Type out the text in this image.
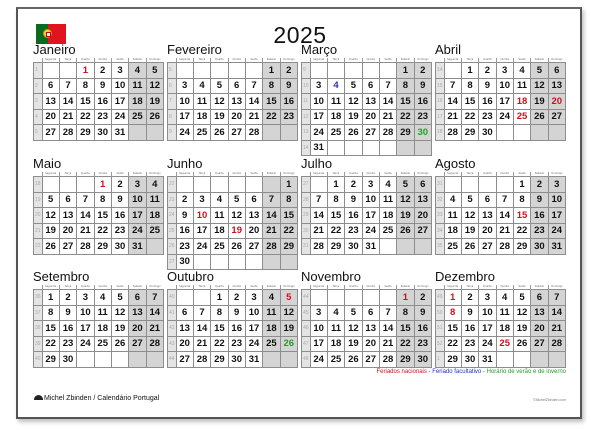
2025
Janeiro
	Segunda	Terça	Quarta	Quinta	Sexta	Sábado	Domingo
1			1	2	3	4	5
2	6	7	8	9	10	11	12
3	13	14	15	16	17	18	19
4	20	21	22	23	24	25	26
5	27	28	29	30	31		
Fevereiro
	Segunda	Terça	Quarta	Quinta	Sexta	Sábado	Domingo
5						1	2
6	3	4	5	6	7	8	9
7	10	11	12	13	14	15	16
8	17	18	19	20	21	22	23
9	24	25	26	27	28		
Março
	Segunda	Terça	Quarta	Quinta	Sexta	Sábado	Domingo
9						1	2
10	3	4	5	6	7	8	9
11	10	11	12	13	14	15	16
12	17	18	19	20	21	22	23
13	24	25	26	27	28	29	30
14	31						
Abril
	Segunda	Terça	Quarta	Quinta	Sexta	Sábado	Domingo
14		1	2	3	4	5	6
15	7	8	9	10	11	12	13
16	14	15	16	17	18	19	20
17	21	22	23	24	25	26	27
18	28	29	30				
Maio
	Segunda	Terça	Quarta	Quinta	Sexta	Sábado	Domingo
18				1	2	3	4
19	5	6	7	8	9	10	11
20	12	13	14	15	16	17	18
21	19	20	21	22	23	24	25
22	26	27	28	29	30	31	
Junho
	Segunda	Terça	Quarta	Quinta	Sexta	Sábado	Domingo
22							1
23	2	3	4	5	6	7	8
24	9	10	11	12	13	14	15
25	16	17	18	19	20	21	22
26	23	24	25	26	27	28	29
27	30						
Julho
	Segunda	Terça	Quarta	Quinta	Sexta	Sábado	Domingo
27		1	2	3	4	5	6
28	7	8	9	10	11	12	13
29	14	15	16	17	18	19	20
30	21	22	23	24	25	26	27
31	28	29	30	31			
Agosto
	Segunda	Terça	Quarta	Quinta	Sexta	Sábado	Domingo
31					1	2	3
32	4	5	6	7	8	9	10
33	11	12	13	14	15	16	17
34	18	19	20	21	22	23	24
35	25	26	27	28	29	30	31
Setembro
	Segunda	Terça	Quarta	Quinta	Sexta	Sábado	Domingo
36	1	2	3	4	5	6	7
37	8	9	10	11	12	13	14
38	15	16	17	18	19	20	21
39	22	23	24	25	26	27	28
40	29	30					
Outubro
	Segunda	Terça	Quarta	Quinta	Sexta	Sábado	Domingo
40			1	2	3	4	5
41	6	7	8	9	10	11	12
42	13	14	15	16	17	18	19
43	20	21	22	23	24	25	26
44	27	28	29	30	31		
Novembro
	Segunda	Terça	Quarta	Quinta	Sexta	Sábado	Domingo
44						1	2
45	3	4	5	6	7	8	9
46	10	11	12	13	14	15	16
47	17	18	19	20	21	22	23
48	24	25	26	27	28	29	30
Dezembro
	Segunda	Terça	Quarta	Quinta	Sexta	Sábado	Domingo
49	1	2	3	4	5	6	7
50	8	9	10	11	12	13	14
51	15	16	17	18	19	20	21
52	22	23	24	25	26	27	28
1	29	30	31				
Feriados nacionais - Feriado facultativo - Horário de verão e de inverno
Michel Zbinden / Calendário Portugal	©MichelZbinden.com
